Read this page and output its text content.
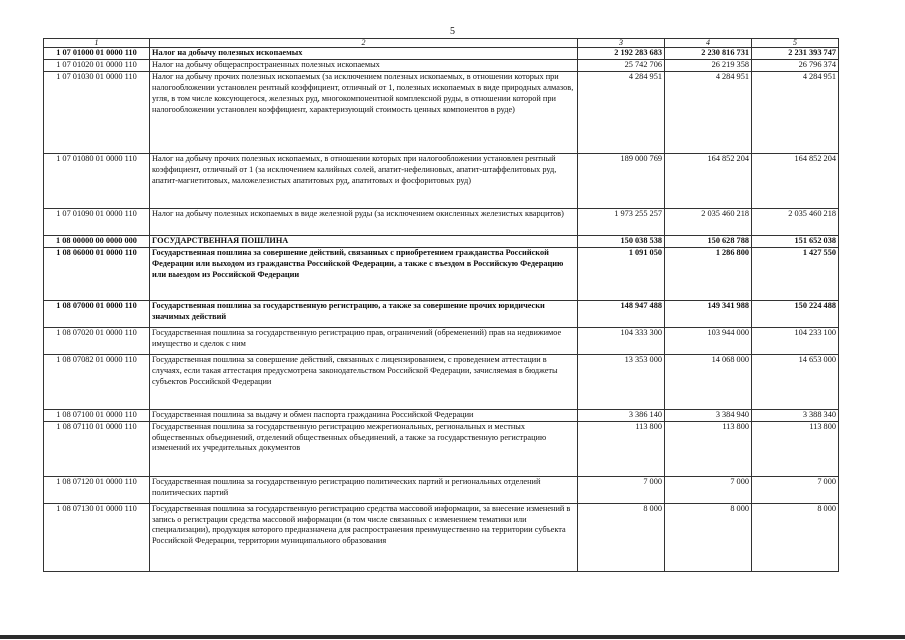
5
1	2	3	4	5
1 07 01000 01 0000 110	Налог на добычу полезных ископаемых	2 192 283 683	2 230 816 731	2 231 393 747
1 07 01020 01 0000 110	Налог на добычу общераспространенных полезных ископаемых	25 742 706	26 219 358	26 796 374
1 07 01030 01 0000 110	Налог на добычу прочих полезных ископаемых (за исключением полезных ископаемых, в отношении которых при налогообложении установлен рентный коэффициент, отличный от 1, полезных ископаемых в виде природных алмазов, угля, в том числе коксующегося, железных руд, многокомпонентной комплексной руды, в отношении которой при налогообложении установлен коэффициент, характеризующий стоимость ценных компонентов в руде)	4 284 951	4 284 951	4 284 951
1 07 01080 01 0000 110	Налог на добычу прочих полезных ископаемых, в отношении которых при налогообложении установлен рентный коэффициент, отличный от 1 (за исключением калийных солей, апатит-нефелиновых, апатит-штаффелитовых руд, апатит-магнетитовых, маложелезистых апатитовых руд, апатитовых и фосфоритовых руд)	189 000 769	164 852 204	164 852 204
1 07 01090 01 0000 110	Налог на добычу полезных ископаемых в виде железной руды (за исключением окисленных железистых кварцитов)	1 973 255 257	2 035 460 218	2 035 460 218
1 08 00000 00 0000 000	ГОСУДАРСТВЕННАЯ ПОШЛИНА	150 038 538	150 628 788	151 652 038
1 08 06000 01 0000 110	Государственная пошлина за совершение действий, связанных с приобретением гражданства Российской Федерации или выходом из гражданства Российской Федерации, а также с въездом в Российскую Федерацию или выездом из Российской Федерации	1 091 050	1 286 800	1 427 550
1 08 07000 01 0000 110	Государственная пошлина за государственную регистрацию, а также за совершение прочих юридически значимых действий	148 947 488	149 341 988	150 224 488
1 08 07020 01 0000 110	Государственная пошлина за государственную регистрацию прав, ограничений (обременений) прав на недвижимое имущество и сделок с ним	104 333 300	103 944 000	104 233 100
1 08 07082 01 0000 110	Государственная пошлина за совершение действий, связанных с лицензированием, с проведением аттестации в случаях, если такая аттестация предусмотрена законодательством Российской Федерации, зачисляемая в бюджеты субъектов Российской Федерации	13 353 000	14 068 000	14 653 000
1 08 07100 01 0000 110	Государственная пошлина за выдачу и обмен паспорта гражданина Российской Федерации	3 386 140	3 384 940	3 388 340
1 08 07110 01 0000 110	Государственная пошлина за государственную регистрацию межрегиональных, региональных и местных общественных объединений, отделений общественных объединений, а также за государственную регистрацию изменений их учредительных документов	113 800	113 800	113 800
1 08 07120 01 0000 110	Государственная пошлина за государственную регистрацию политических партий и региональных отделений политических партий	7 000	7 000	7 000
1 08 07130 01 0000 110	Государственная пошлина за государственную регистрацию средства массовой информации, за внесение изменений в запись о регистрации средства массовой информации (в том числе связанных с изменением тематики или специализации), продукция которого предназначена для распространения преимущественно на территории субъекта Российской Федерации, территории муниципального образования	8 000	8 000	8 000
